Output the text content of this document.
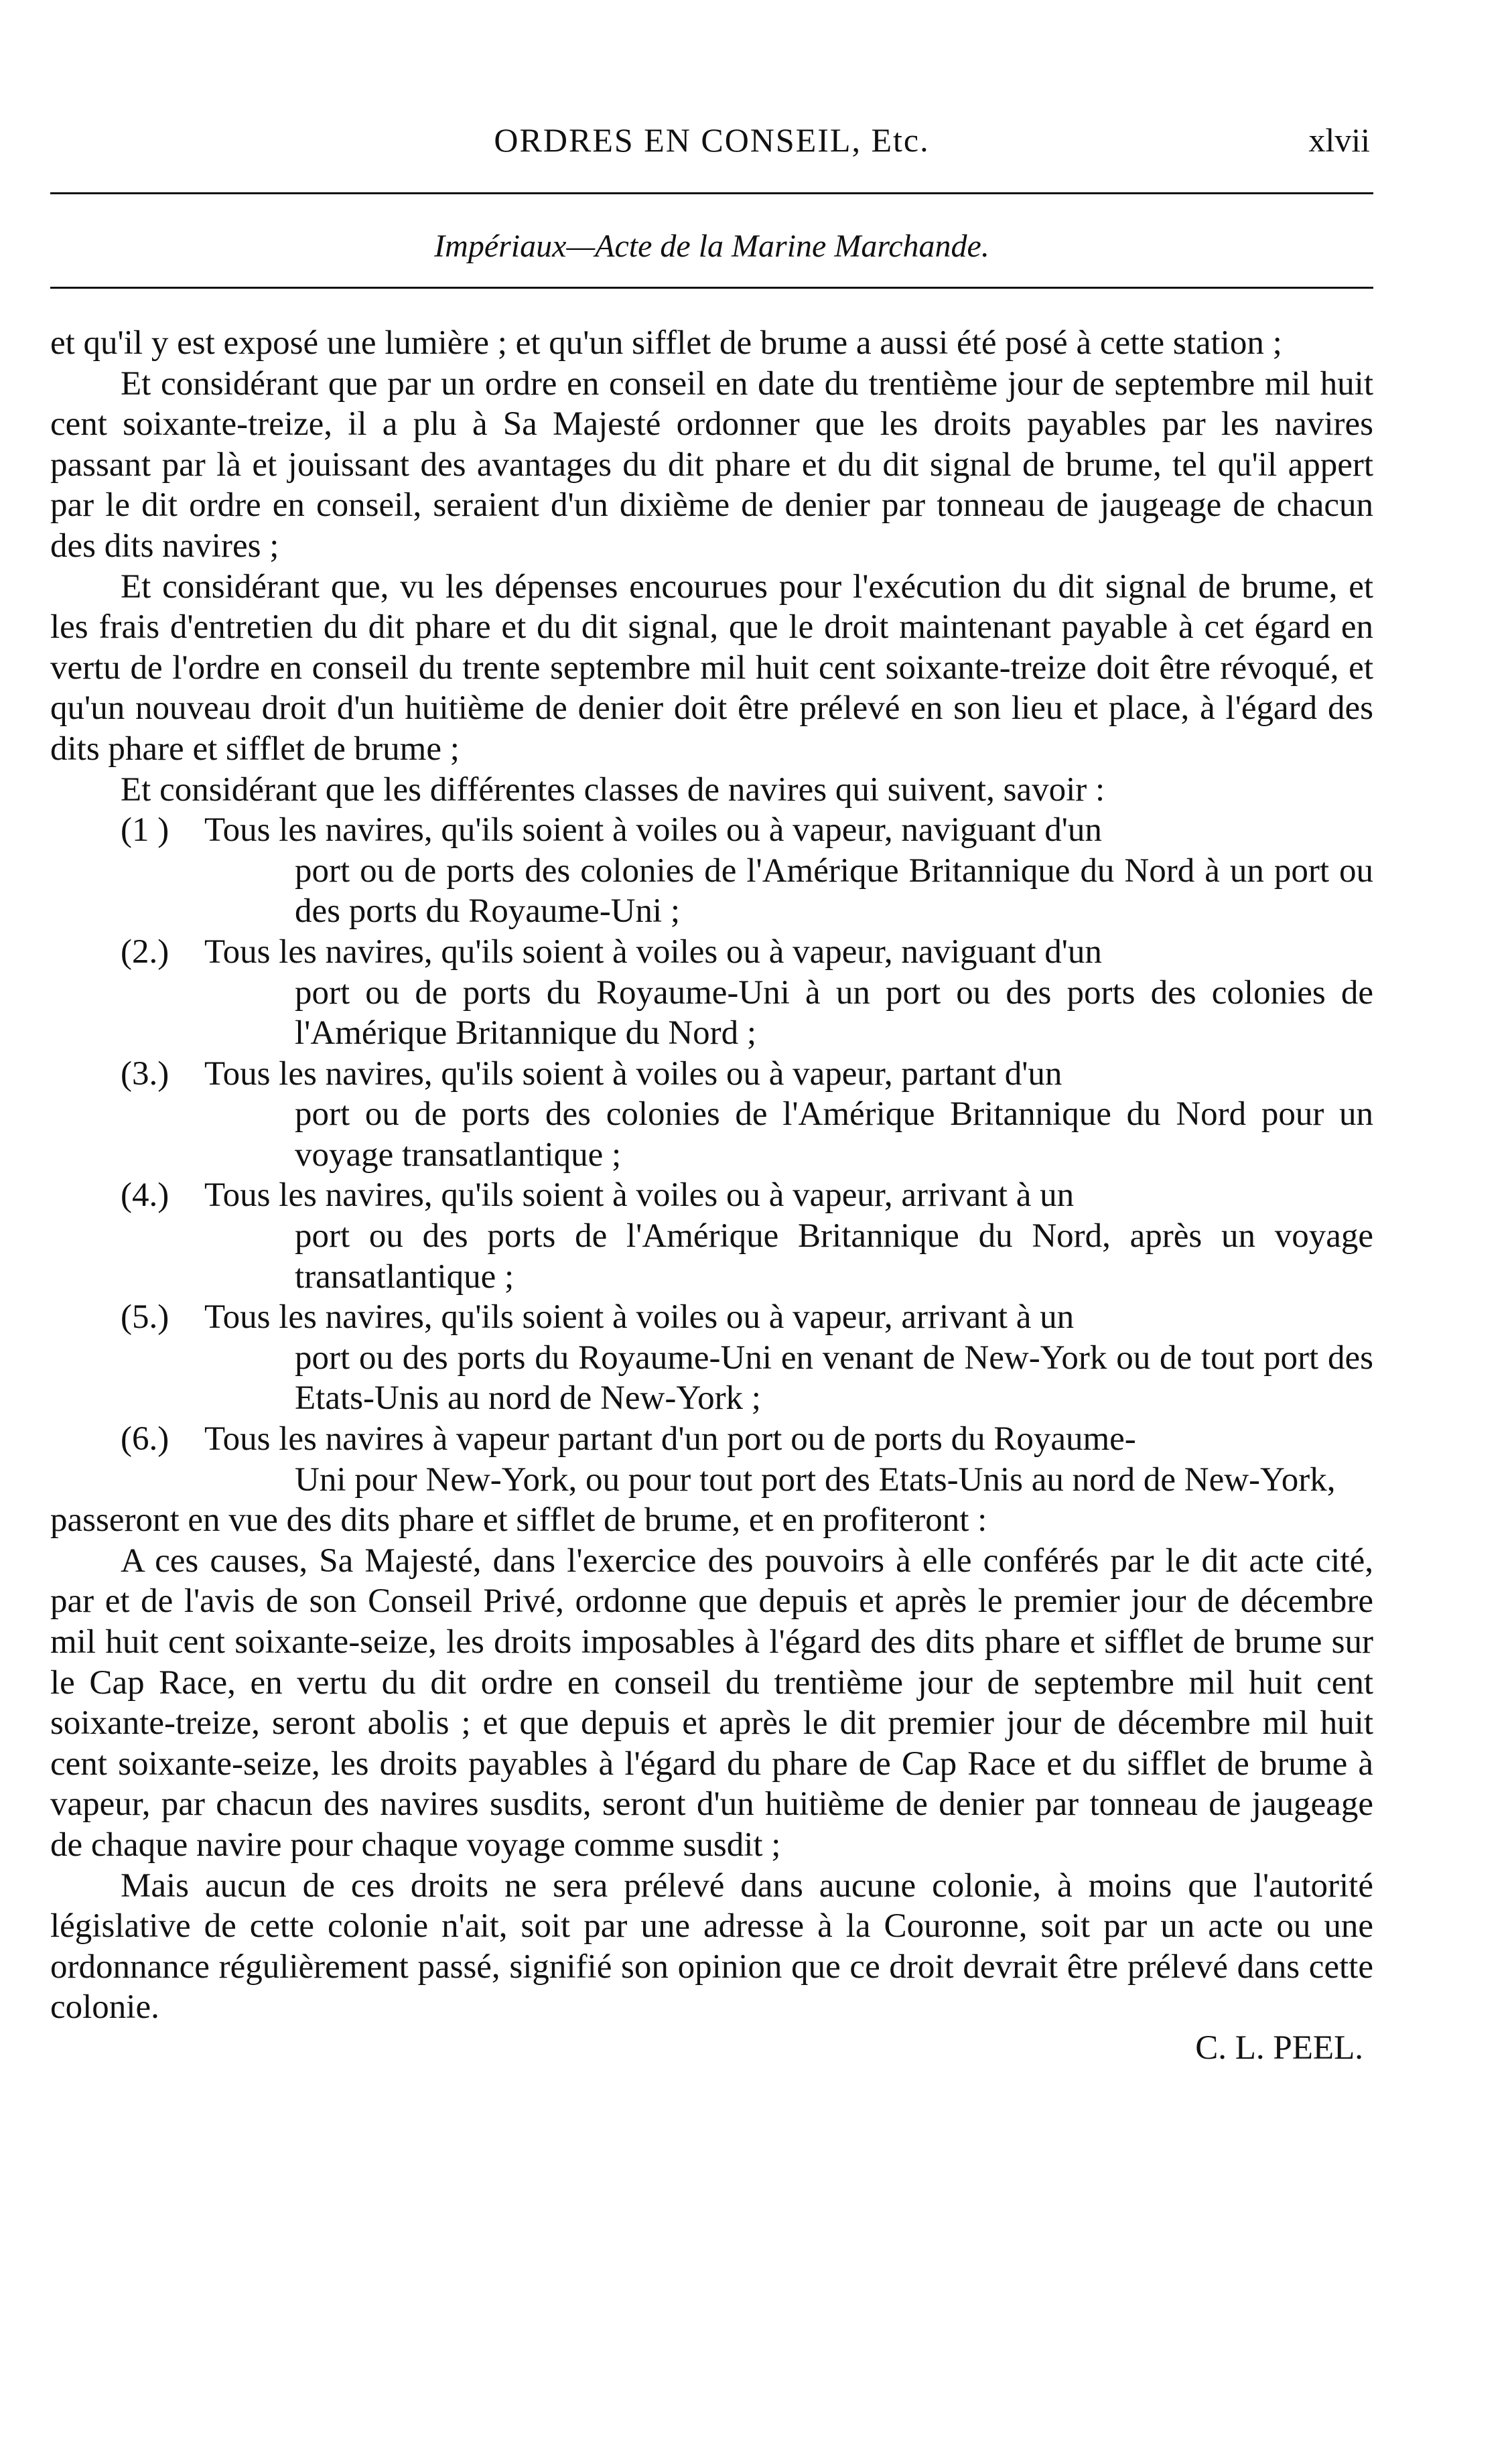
ORDRES EN CONSEIL, Etc.	xlvii
Impériaux—Acte de la Marine Marchande.

et qu'il y est exposé une lumière ; et qu'un sifflet de brume a aussi été posé à cette station ;

Et considérant que par un ordre en conseil en date du trentième jour de septembre mil huit cent soixante-treize, il a plu à Sa Majesté ordonner que les droits payables par les navires passant par là et jouissant des avantages du dit phare et du dit signal de brume, tel qu'il appert par le dit ordre en conseil, seraient d'un dixième de denier par tonneau de jaugeage de chacun des dits navires ;

Et considérant que, vu les dépenses encourues pour l'exécution du dit signal de brume, et les frais d'entretien du dit phare et du dit signal, que le droit maintenant payable à cet égard en vertu de l'ordre en conseil du trente septembre mil huit cent soixante-treize doit être révoqué, et qu'un nouveau droit d'un huitième de denier doit être prélevé en son lieu et place, à l'égard des dits phare et sifflet de brume ;

Et considérant que les différentes classes de navires qui suivent, savoir :

(1 )	Tous les navires, qu'ils soient à voiles ou à vapeur, naviguant d'un
port ou de ports des colonies de l'Amérique Britannique du Nord à un port ou des ports du Royaume-Uni ;
(2.)	Tous les navires, qu'ils soient à voiles ou à vapeur, naviguant d'un
port ou de ports du Royaume-Uni à un port ou des ports des colonies de l'Amérique Britannique du Nord ;
(3.)	Tous les navires, qu'ils soient à voiles ou à vapeur, partant d'un
port ou de ports des colonies de l'Amérique Britannique du Nord pour un voyage transatlantique ;
(4.)	Tous les navires, qu'ils soient à voiles ou à vapeur, arrivant à un
port ou des ports de l'Amérique Britannique du Nord, après un voyage transatlantique ;
(5.)	Tous les navires, qu'ils soient à voiles ou à vapeur, arrivant à un
port ou des ports du Royaume-Uni en venant de New-York ou de tout port des Etats-Unis au nord de New-York ;
(6.)	Tous les navires à vapeur partant d'un port ou de ports du Royaume-
Uni pour New-York, ou pour tout port des Etats-Unis au nord de New-York,

passeront en vue des dits phare et sifflet de brume, et en profiteront :

A ces causes, Sa Majesté, dans l'exercice des pouvoirs à elle conférés par le dit acte cité, par et de l'avis de son Conseil Privé, ordonne que depuis et après le premier jour de décembre mil huit cent soixante-seize, les droits imposables à l'égard des dits phare et sifflet de brume sur le Cap Race, en vertu du dit ordre en conseil du trentième jour de septembre mil huit cent soixante-treize, seront abolis ; et que depuis et après le dit premier jour de décembre mil huit cent soixante-seize, les droits payables à l'égard du phare de Cap Race et du sifflet de brume à vapeur, par chacun des navires susdits, seront d'un huitième de denier par tonneau de jaugeage de chaque navire pour chaque voyage comme susdit ;

Mais aucun de ces droits ne sera prélevé dans aucune colonie, à moins que l'autorité législative de cette colonie n'ait, soit par une adresse à la Couronne, soit par un acte ou une ordonnance régulièrement passé, signifié son opinion que ce droit devrait être prélevé dans cette colonie.

C. L. PEEL.
